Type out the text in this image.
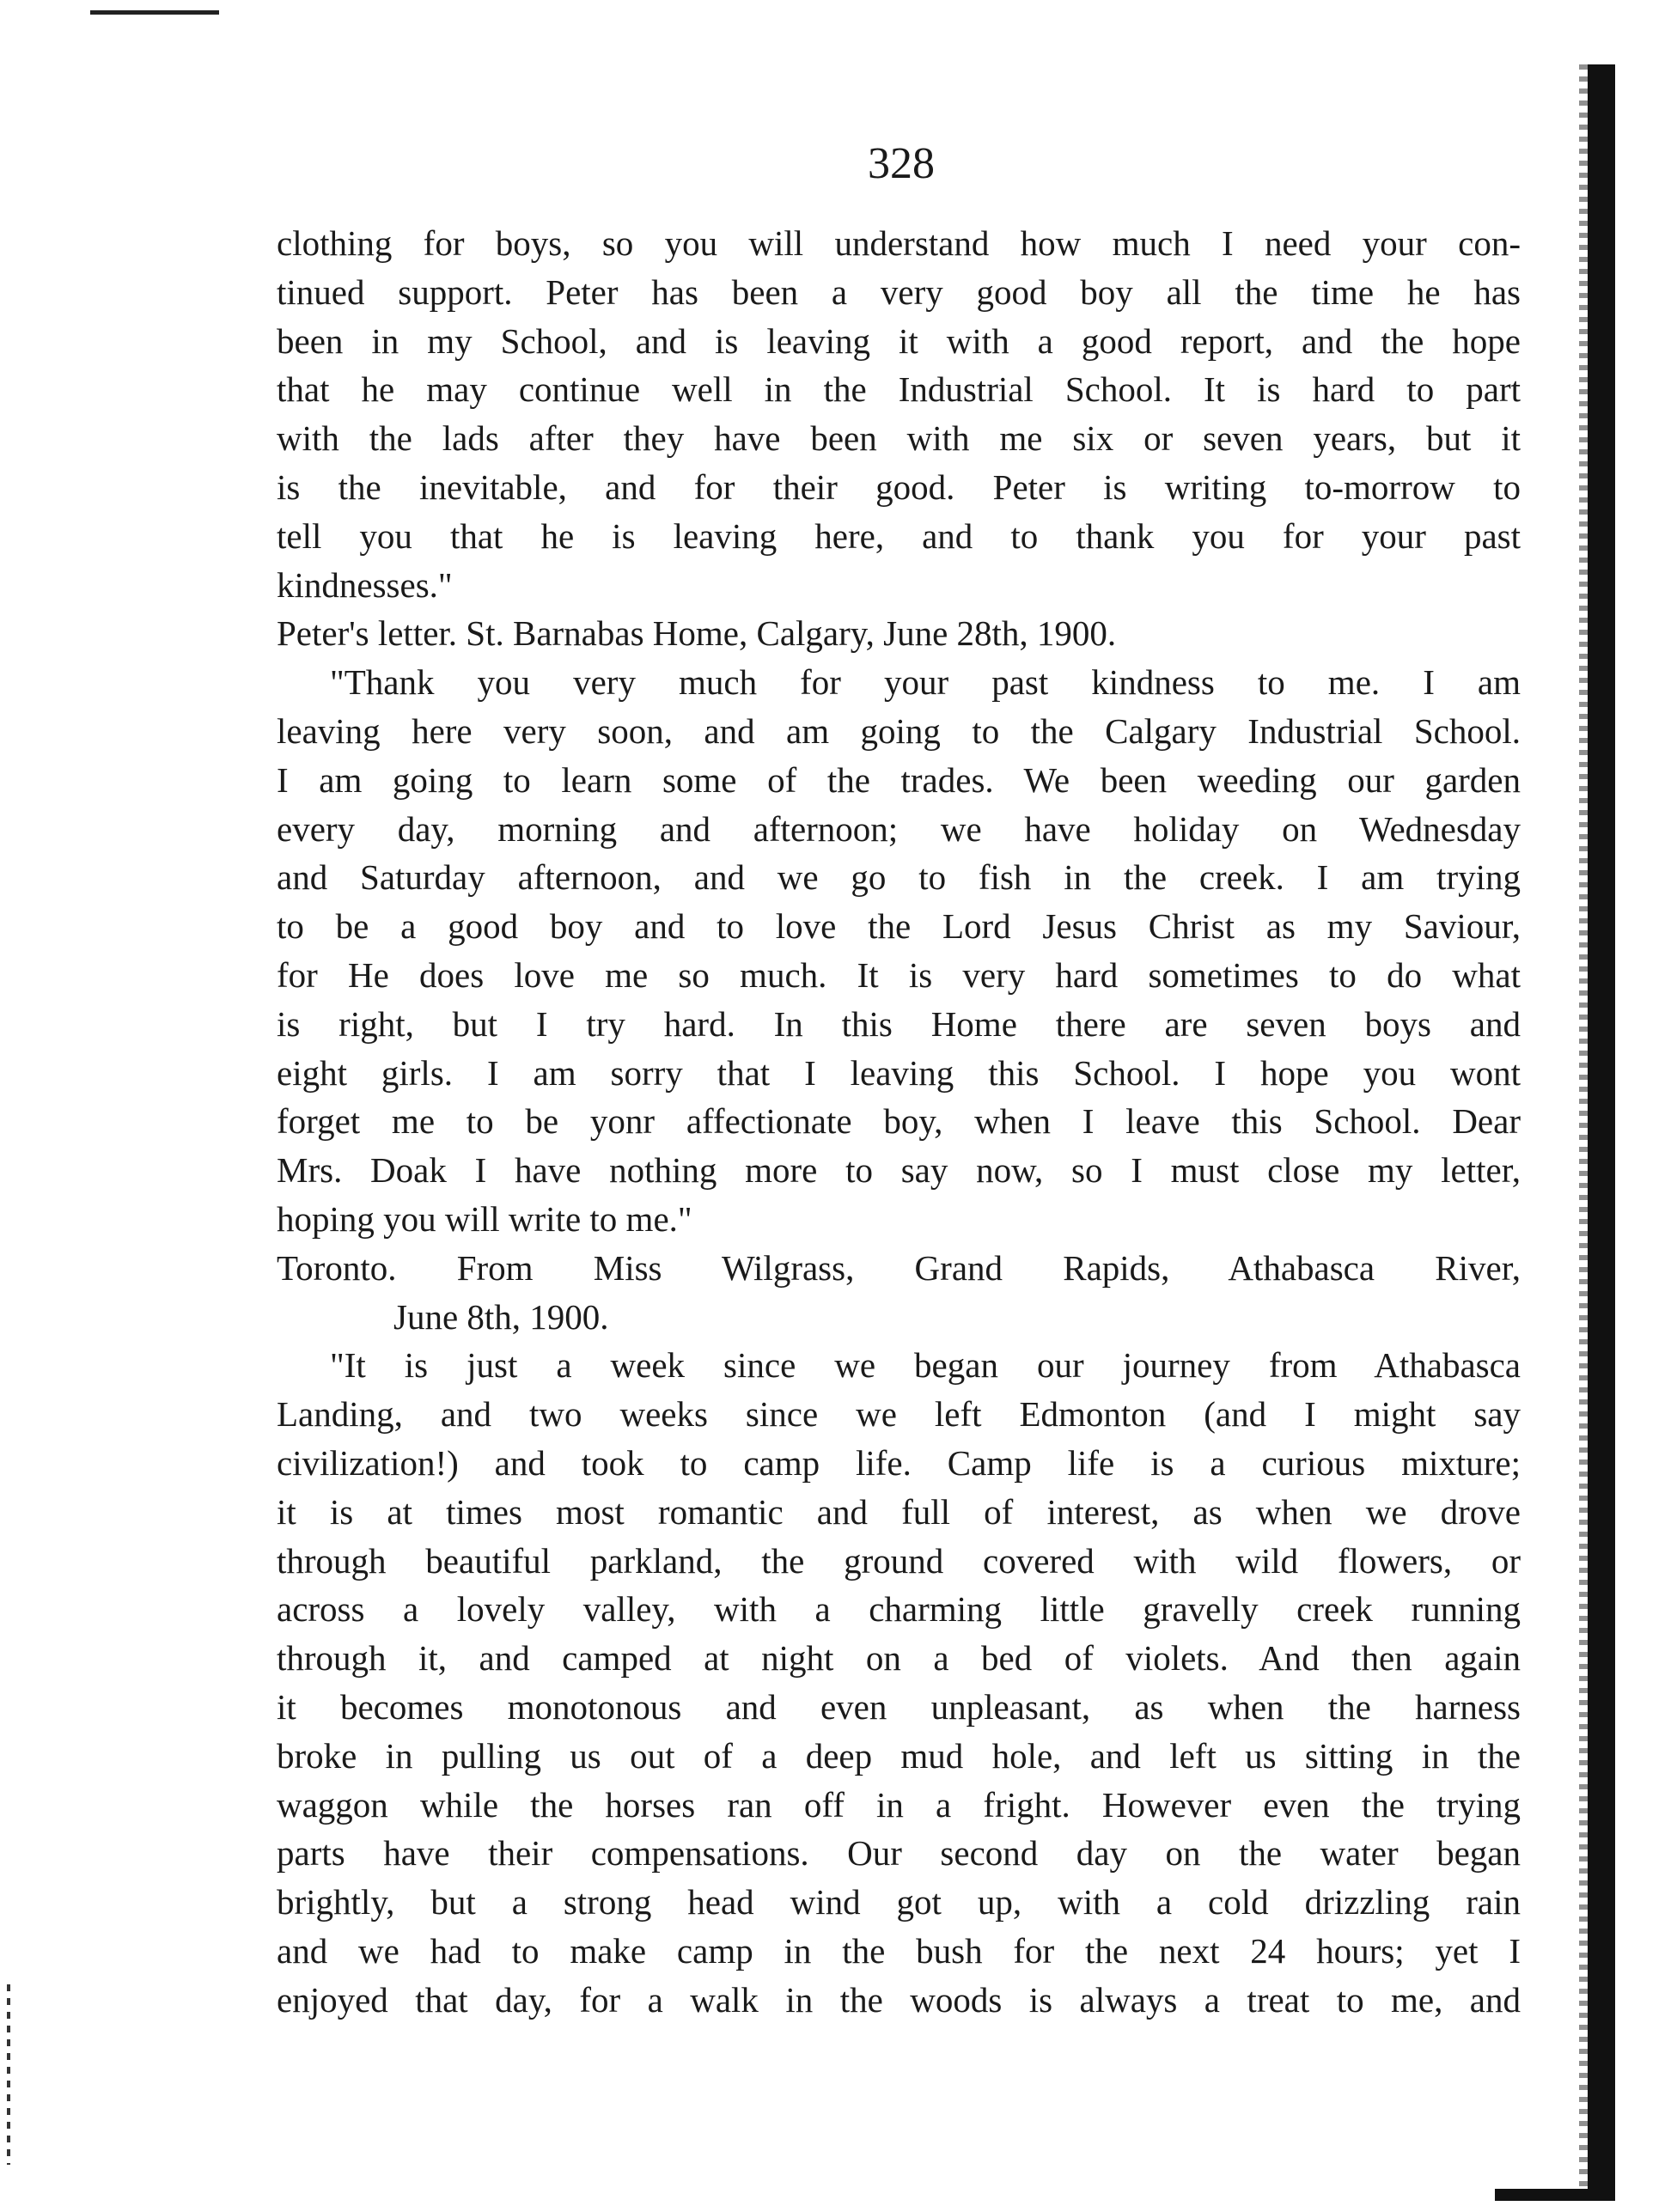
328
clothing for boys, so you will understand how much I need your con-
tinued support. Peter has been a very good boy all the time he has
been in my School, and is leaving it with a good report, and the hope
that he may continue well in the Industrial School. It is hard to part
with the lads after they have been with me six or seven years, but it
is the inevitable, and for their good. Peter is writing to-morrow to
tell you that he is leaving here, and to thank you for your past
kindnesses."
Peter's letter. St. Barnabas Home, Calgary, June 28th, 1900.
"Thank you very much for your past kindness to me. I am
leaving here very soon, and am going to the Calgary Industrial School.
I am going to learn some of the trades. We been weeding our garden
every day, morning and afternoon; we have holiday on Wednesday
and Saturday afternoon, and we go to fish in the creek. I am trying
to be a good boy and to love the Lord Jesus Christ as my Saviour,
for He does love me so much. It is very hard sometimes to do what
is right, but I try hard. In this Home there are seven boys and
eight girls. I am sorry that I leaving this School. I hope you wont
forget me to be yonr affectionate boy, when I leave this School. Dear
Mrs. Doak I have nothing more to say now, so I must close my letter,
hoping you will write to me."
Toronto. From Miss Wilgrass, Grand Rapids, Athabasca River,
June 8th, 1900.
"It is just a week since we began our journey from Athabasca
Landing, and two weeks since we left Edmonton (and I might say
civilization!) and took to camp life. Camp life is a curious mixture;
it is at times most romantic and full of interest, as when we drove
through beautiful parkland, the ground covered with wild flowers, or
across a lovely valley, with a charming little gravelly creek running
through it, and camped at night on a bed of violets. And then again
it becomes monotonous and even unpleasant, as when the harness
broke in pulling us out of a deep mud hole, and left us sitting in the
waggon while the horses ran off in a fright. However even the trying
parts have their compensations. Our second day on the water began
brightly, but a strong head wind got up, with a cold drizzling rain
and we had to make camp in the bush for the next 24 hours; yet I
enjoyed that day, for a walk in the woods is always a treat to me, and
